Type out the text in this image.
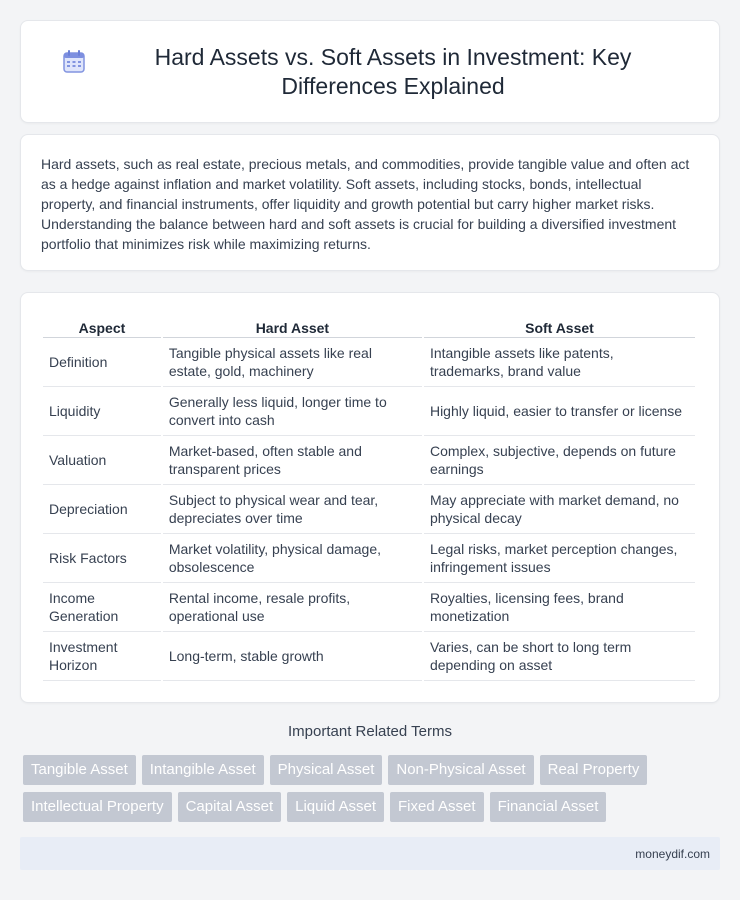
Hard Assets vs. Soft Assets in Investment: Key Differences Explained

Hard assets, such as real estate, precious metals, and commodities, provide tangible value and often act as a hedge against inflation and market volatility. Soft assets, including stocks, bonds, intellectual property, and financial instruments, offer liquidity and growth potential but carry higher market risks. Understanding the balance between hard and soft assets is crucial for building a diversified investment portfolio that minimizes risk while maximizing returns.

Aspect	Hard Asset	Soft Asset
Definition	Tangible physical assets like real estate, gold, machinery	Intangible assets like patents, trademarks, brand value
Liquidity	Generally less liquid, longer time to convert into cash	Highly liquid, easier to transfer or license
Valuation	Market-based, often stable and transparent prices	Complex, subjective, depends on future earnings
Depreciation	Subject to physical wear and tear, depreciates over time	May appreciate with market demand, no physical decay
Risk Factors	Market volatility, physical damage, obsolescence	Legal risks, market perception changes, infringement issues
Income Generation	Rental income, resale profits, operational use	Royalties, licensing fees, brand monetization
Investment Horizon	Long-term, stable growth	Varies, can be short to long term depending on asset
Important Related Terms
Tangible Asset	Intangible Asset	Physical Asset	Non-Physical Asset	Real Property
Intellectual Property	Capital Asset	Liquid Asset	Fixed Asset	Financial Asset
moneydif.com
